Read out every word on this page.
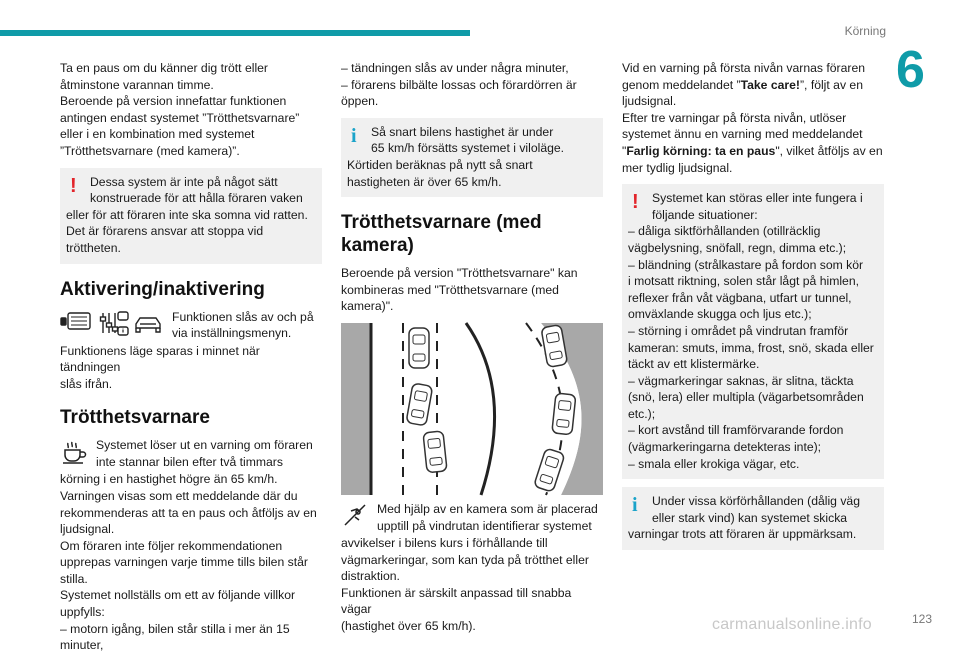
Körning
6

Ta en paus om du känner dig trött eller
åtminstone varannan timme.
Beroende på version innefattar funktionen
antingen endast systemet ”Trötthetsvarnare”
eller i en kombination med systemet
”Trötthetsvarnare (med kamera)”.

!	Dessa system är inte på något sätt
konstruerade för att hålla föraren vaken
eller för att föraren inte ska somna vid ratten.
Det är förarens ansvar att stoppa vid tröttheten.
Aktivering/inaktivering
Funktionen slås av och på
via inställningsmenyn.

Funktionens läge sparas i minnet när tändningen
slås ifrån.

Trötthetsvarnare
Systemet löser ut en varning om föraren
inte stannar bilen efter två timmars

körning i en hastighet högre än 65 km/h.
Varningen visas som ett meddelande där du
rekommenderas att ta en paus och åtföljs av en
ljudsignal.
Om föraren inte följer rekommendationen
upprepas varningen varje timme tills bilen står
stilla.
Systemet nollställs om ett av följande villkor
uppfylls:
– motorn igång, bilen står stilla i mer än 15
minuter,

– tändningen slås av under några minuter,
– förarens bilbälte lossas och förardörren är
öppen.

i	Så snart bilens hastighet är under
65 km/h försätts systemet i viloläge.
Körtiden beräknas på nytt så snart
hastigheten är över 65 km/h.
Trötthetsvarnare (med
kamera)

Beroende på version "Trötthetsvarnare" kan
kombineras med "Trötthetsvarnare (med
kamera)".

Med hjälp av en kamera som är placerad
upptill på vindrutan identifierar systemet

avvikelser i bilens kurs i förhållande till
vägmarkeringar, som kan tyda på trötthet eller
distraktion.
Funktionen är särskilt anpassad till snabba vägar
(hastighet över 65 km/h).

Vid en varning på första nivån varnas föraren
genom meddelandet ”Take care!”, följt av en
ljudsignal.
Efter tre varningar på första nivån, utlöser
systemet ännu en varning med meddelandet
"Farlig körning: ta en paus", vilket åtföljs av en
mer tydlig ljudsignal.

!	Systemet kan störas eller inte fungera i
följande situationer:
– dåliga siktförhållanden (otillräcklig
vägbelysning, snöfall, regn, dimma etc.);
– bländning (strålkastare på fordon som kör
i motsatt riktning, solen står lågt på himlen,
reflexer från våt vägbana, utfart ur tunnel,
omväxlande skugga och ljus etc.);
– störning i området på vindrutan framför
kameran: smuts, imma, frost, snö, skada eller
täckt av ett klistermärke.
– vägmarkeringar saknas, är slitna, täckta
(snö, lera) eller multipla (vägarbetsområden
etc.);
– kort avstånd till framförvarande fordon
(vägmarkeringarna detekteras inte);
– smala eller krokiga vägar, etc.
i	Under vissa körförhållanden (dålig väg
eller stark vind) kan systemet skicka
varningar trots att föraren är uppmärksam.
carmanualsonline.info	123
